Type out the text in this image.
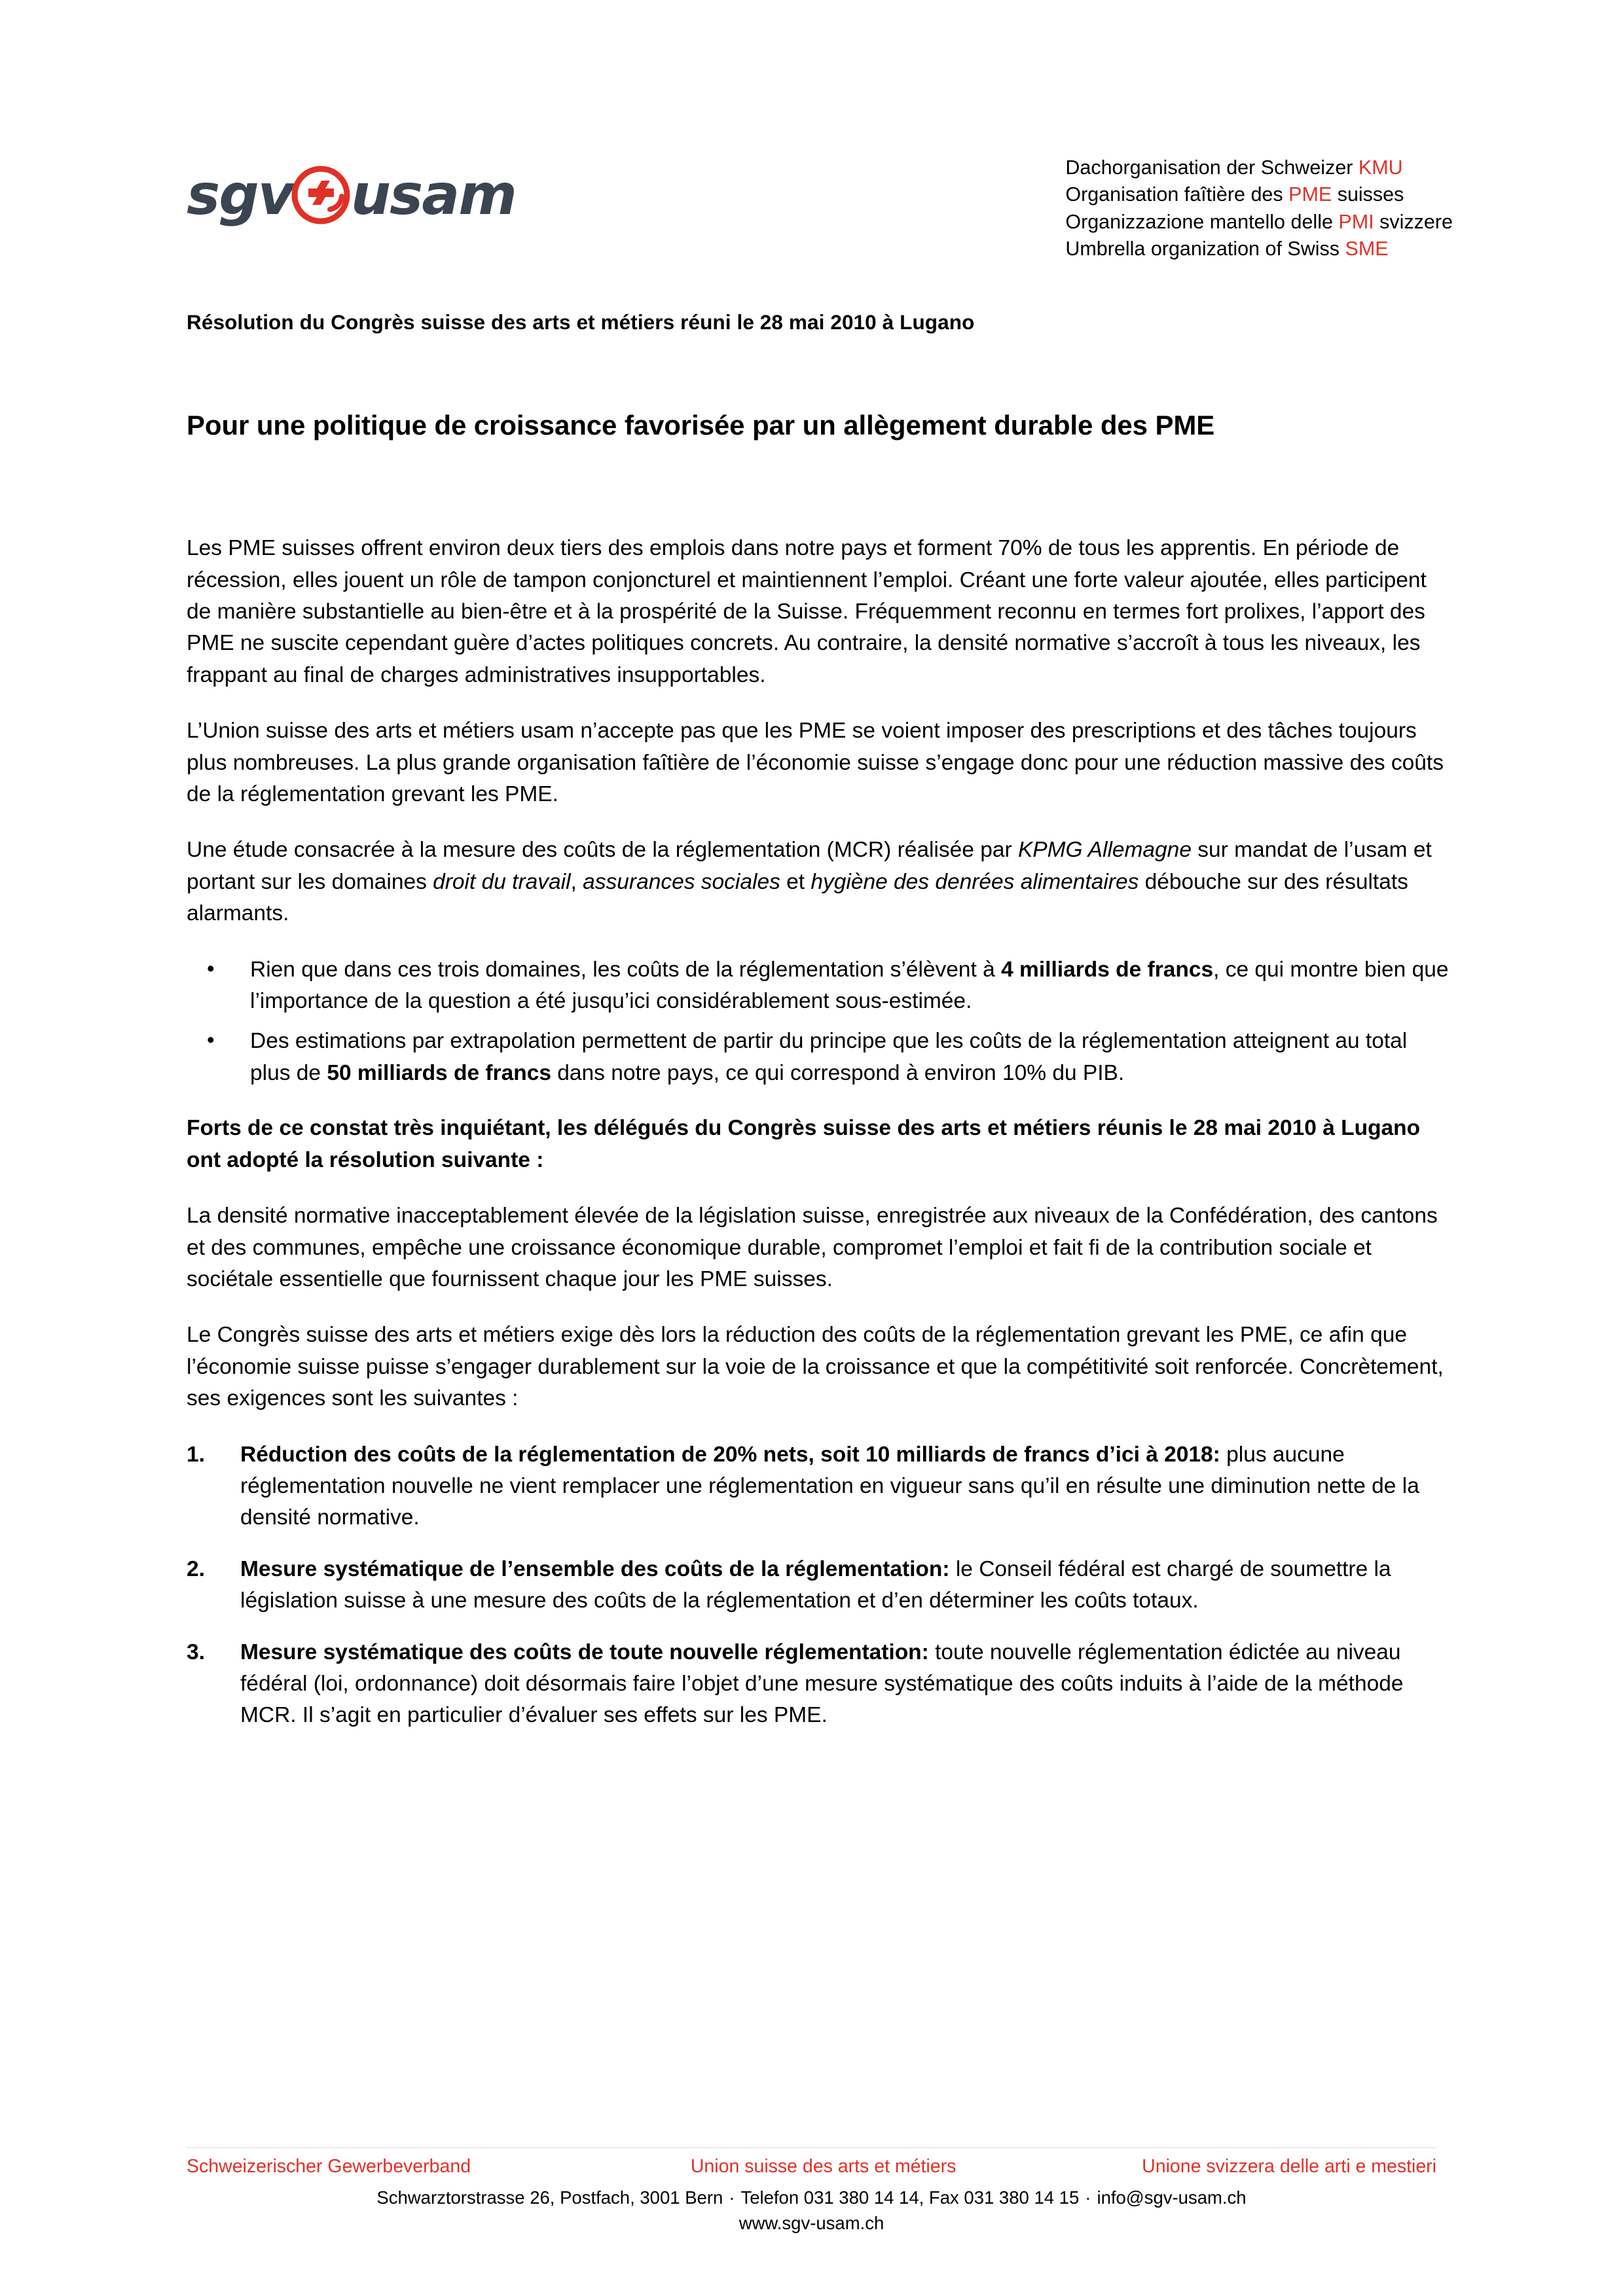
sgv usam	Dachorganisation der Schweizer KMU
Organisation faîtière des PME suisses
Organizzazione mantello delle PMI svizzere
Umbrella organization of Swiss SME
Résolution du Congrès suisse des arts et métiers réuni le 28 mai 2010 à Lugano
Pour une politique de croissance favorisée par un allègement durable des PME

Les PME suisses offrent environ deux tiers des emplois dans notre pays et forment 70% de tous les apprentis. En période de récession, elles jouent un rôle de tampon conjoncturel et maintiennent l’emploi. Créant une forte valeur ajoutée, elles participent de manière substantielle au bien-être et à la prospérité de la Suisse. Fréquemment reconnu en termes fort prolixes, l’apport des PME ne suscite cependant guère d’actes politiques concrets. Au contraire, la densité normative s’accroît à tous les niveaux, les frappant au final de charges administratives insupportables.

L’Union suisse des arts et métiers usam n’accepte pas que les PME se voient imposer des prescriptions et des tâches toujours plus nombreuses. La plus grande organisation faîtière de l’économie suisse s’engage donc pour une réduction massive des coûts de la réglementation grevant les PME.

Une étude consacrée à la mesure des coûts de la réglementation (MCR) réalisée par KPMG Allemagne sur mandat de l’usam et portant sur les domaines droit du travail, assurances sociales et hygiène des denrées alimentaires débouche sur des résultats alarmants.

• Rien que dans ces trois domaines, les coûts de la réglementation s’élèvent à 4 milliards de francs, ce qui montre bien que l’importance de la question a été jusqu’ici considérablement sous-estimée.
• Des estimations par extrapolation permettent de partir du principe que les coûts de la réglementation atteignent au total plus de 50 milliards de francs dans notre pays, ce qui correspond à environ 10% du PIB.

Forts de ce constat très inquiétant, les délégués du Congrès suisse des arts et métiers réunis le 28 mai 2010 à Lugano ont adopté la résolution suivante :

La densité normative inacceptablement élevée de la législation suisse, enregistrée aux niveaux de la Confédération, des cantons et des communes, empêche une croissance économique durable, compromet l’emploi et fait fi de la contribution sociale et sociétale essentielle que fournissent chaque jour les PME suisses.

Le Congrès suisse des arts et métiers exige dès lors la réduction des coûts de la réglementation grevant les PME, ce afin que l’économie suisse puisse s’engager durablement sur la voie de la croissance et que la compétitivité soit renforcée. Concrètement, ses exigences sont les suivantes :

Réduction des coûts de la réglementation de 20% nets, soit 10 milliards de francs d’ici à 2018: plus aucune réglementation nouvelle ne vient remplacer une réglementation en vigueur sans qu’il en résulte une diminution nette de la densité normative.
Mesure systématique de l’ensemble des coûts de la réglementation: le Conseil fédéral est chargé de soumettre la législation suisse à une mesure des coûts de la réglementation et d’en déterminer les coûts totaux.
Mesure systématique des coûts de toute nouvelle réglementation: toute nouvelle réglementation édictée au niveau fédéral (loi, ordonnance) doit désormais faire l’objet d’une mesure systématique des coûts induits à l’aide de la méthode MCR. Il s’agit en particulier d’évaluer ses effets sur les PME.
Schweizerischer Gewerbeverband	Union suisse des arts et métiers	Unione svizzera delle arti e mestieri
Schwarztorstrasse 26, Postfach, 3001 Bern · Telefon 031 380 14 14, Fax 031 380 14 15 · info@sgv-usam.ch
www.sgv-usam.ch
